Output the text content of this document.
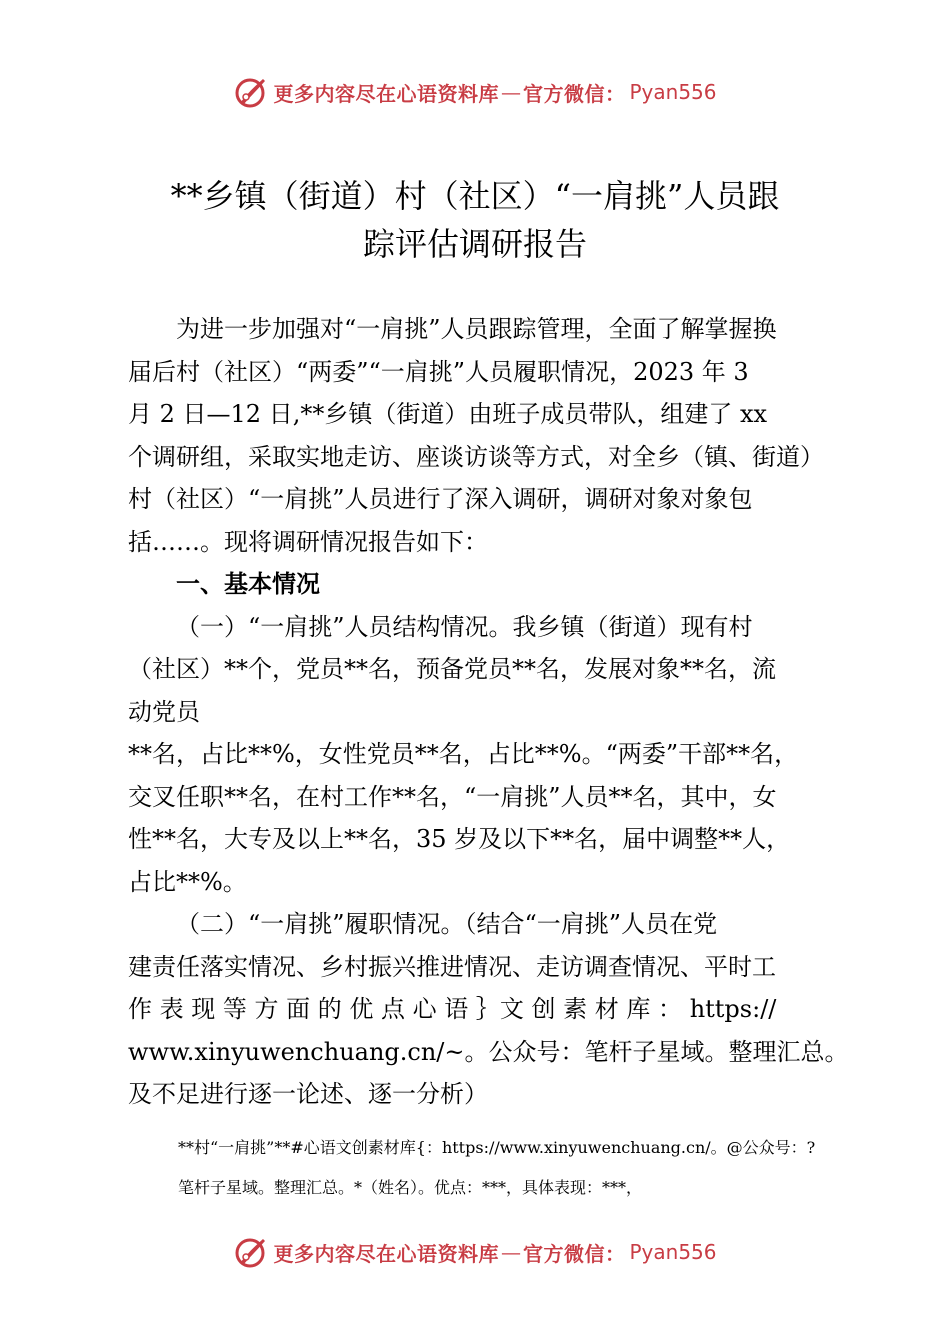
更多内容尽在心语资料库 — 官方微信： Pyan556
**乡镇（街道）村（社区）“一肩挑”人员跟
踪评估调研报告
为进一步加强对“一肩挑”人员跟踪管理，全面了解掌握换
届后村（社区）“两委”“一肩挑”人员履职情况，2023 年 3
月 2 日—12 日,**乡镇（街道）由班子成员带队，组建了 xx
个调研组，采取实地走访、座谈访谈等方式，对全乡（镇、街道）
村（社区）“一肩挑”人员进行了深入调研，调研对象对象包
括……。现将调研情况报告如下：
一、基本情况
（一）“一肩挑”人员结构情况。我乡镇（街道）现有村
（社区）**个，党员**名，预备党员**名，发展对象**名，流
动党员
**名，占比**%，女性党员**名，占比**%。“两委”干部**名，
交叉任职**名，在村工作**名，“一肩挑”人员**名，其中，女
性**名，大专及以上**名，35 岁及以下**名，届中调整**人，
占比**%。
（二）“一肩挑”履职情况。（结合“一肩挑”人员在党
建责任落实情况、乡村振兴推进情况、走访调查情况、平时工
作 表 现 等 方 面 的 优 点 心 语 ｝文 创 素 材 库 ： https://
www.xinyuwenchuang.cn/~。公众号：笔杆子星域。整理汇总。
及不足进行逐一论述、逐一分析）
**村“一肩挑”**#心语文创素材库{：https://www.xinyuwenchuang.cn/。@公众号：?
笔杆子星域。整理汇总。*（姓名）。优点：***，具体表现：***，
更多内容尽在心语资料库 — 官方微信： Pyan556
